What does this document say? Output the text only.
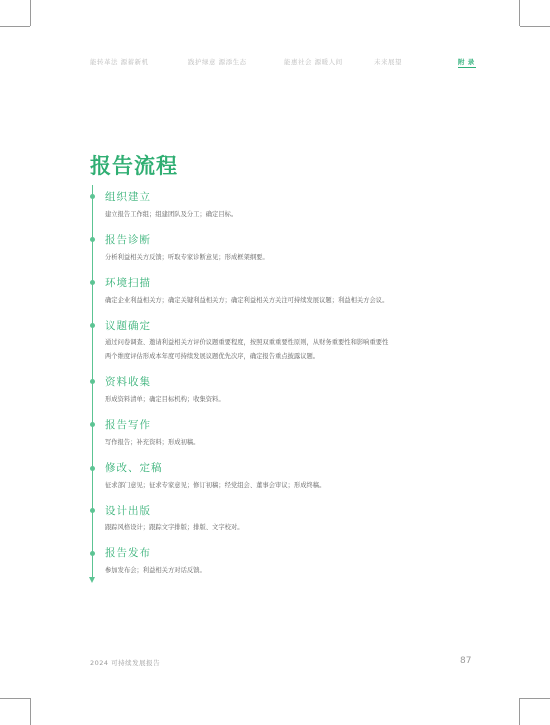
能转革法 源蓄新机	践护绿意 源添生态	能惠社会 源暖人间	未来展望	附 录
报告流程
组织建立
建立报告工作组；组建团队及分工；确定目标。
报告诊断
分析利益相关方反馈；听取专家诊断意见；形成框架纲要。
环境扫描
确定企业利益相关方；确定关键利益相关方；确定利益相关方关注可持续发展议题；利益相关方会议。
议题确定
通过问卷调查、邀请利益相关方评价议题重要程度，按照双重重要性原则，从财务重要性和影响重要性
两个维度评估形成本年度可持续发展议题优先次序，确定报告重点披露议题。
资料收集
形成资料清单；确定目标机构；收集资料。
报告写作
写作报告；补充资料；形成初稿。
修改、定稿
征求部门意见；征求专家意见；修订初稿；经党组会、董事会审议；形成终稿。
设计出版
跟踪风格设计；跟踪文字排版；排版、文字校对。
报告发布
参加发布会；利益相关方对话反馈。
2024 可持续发展报告	87
